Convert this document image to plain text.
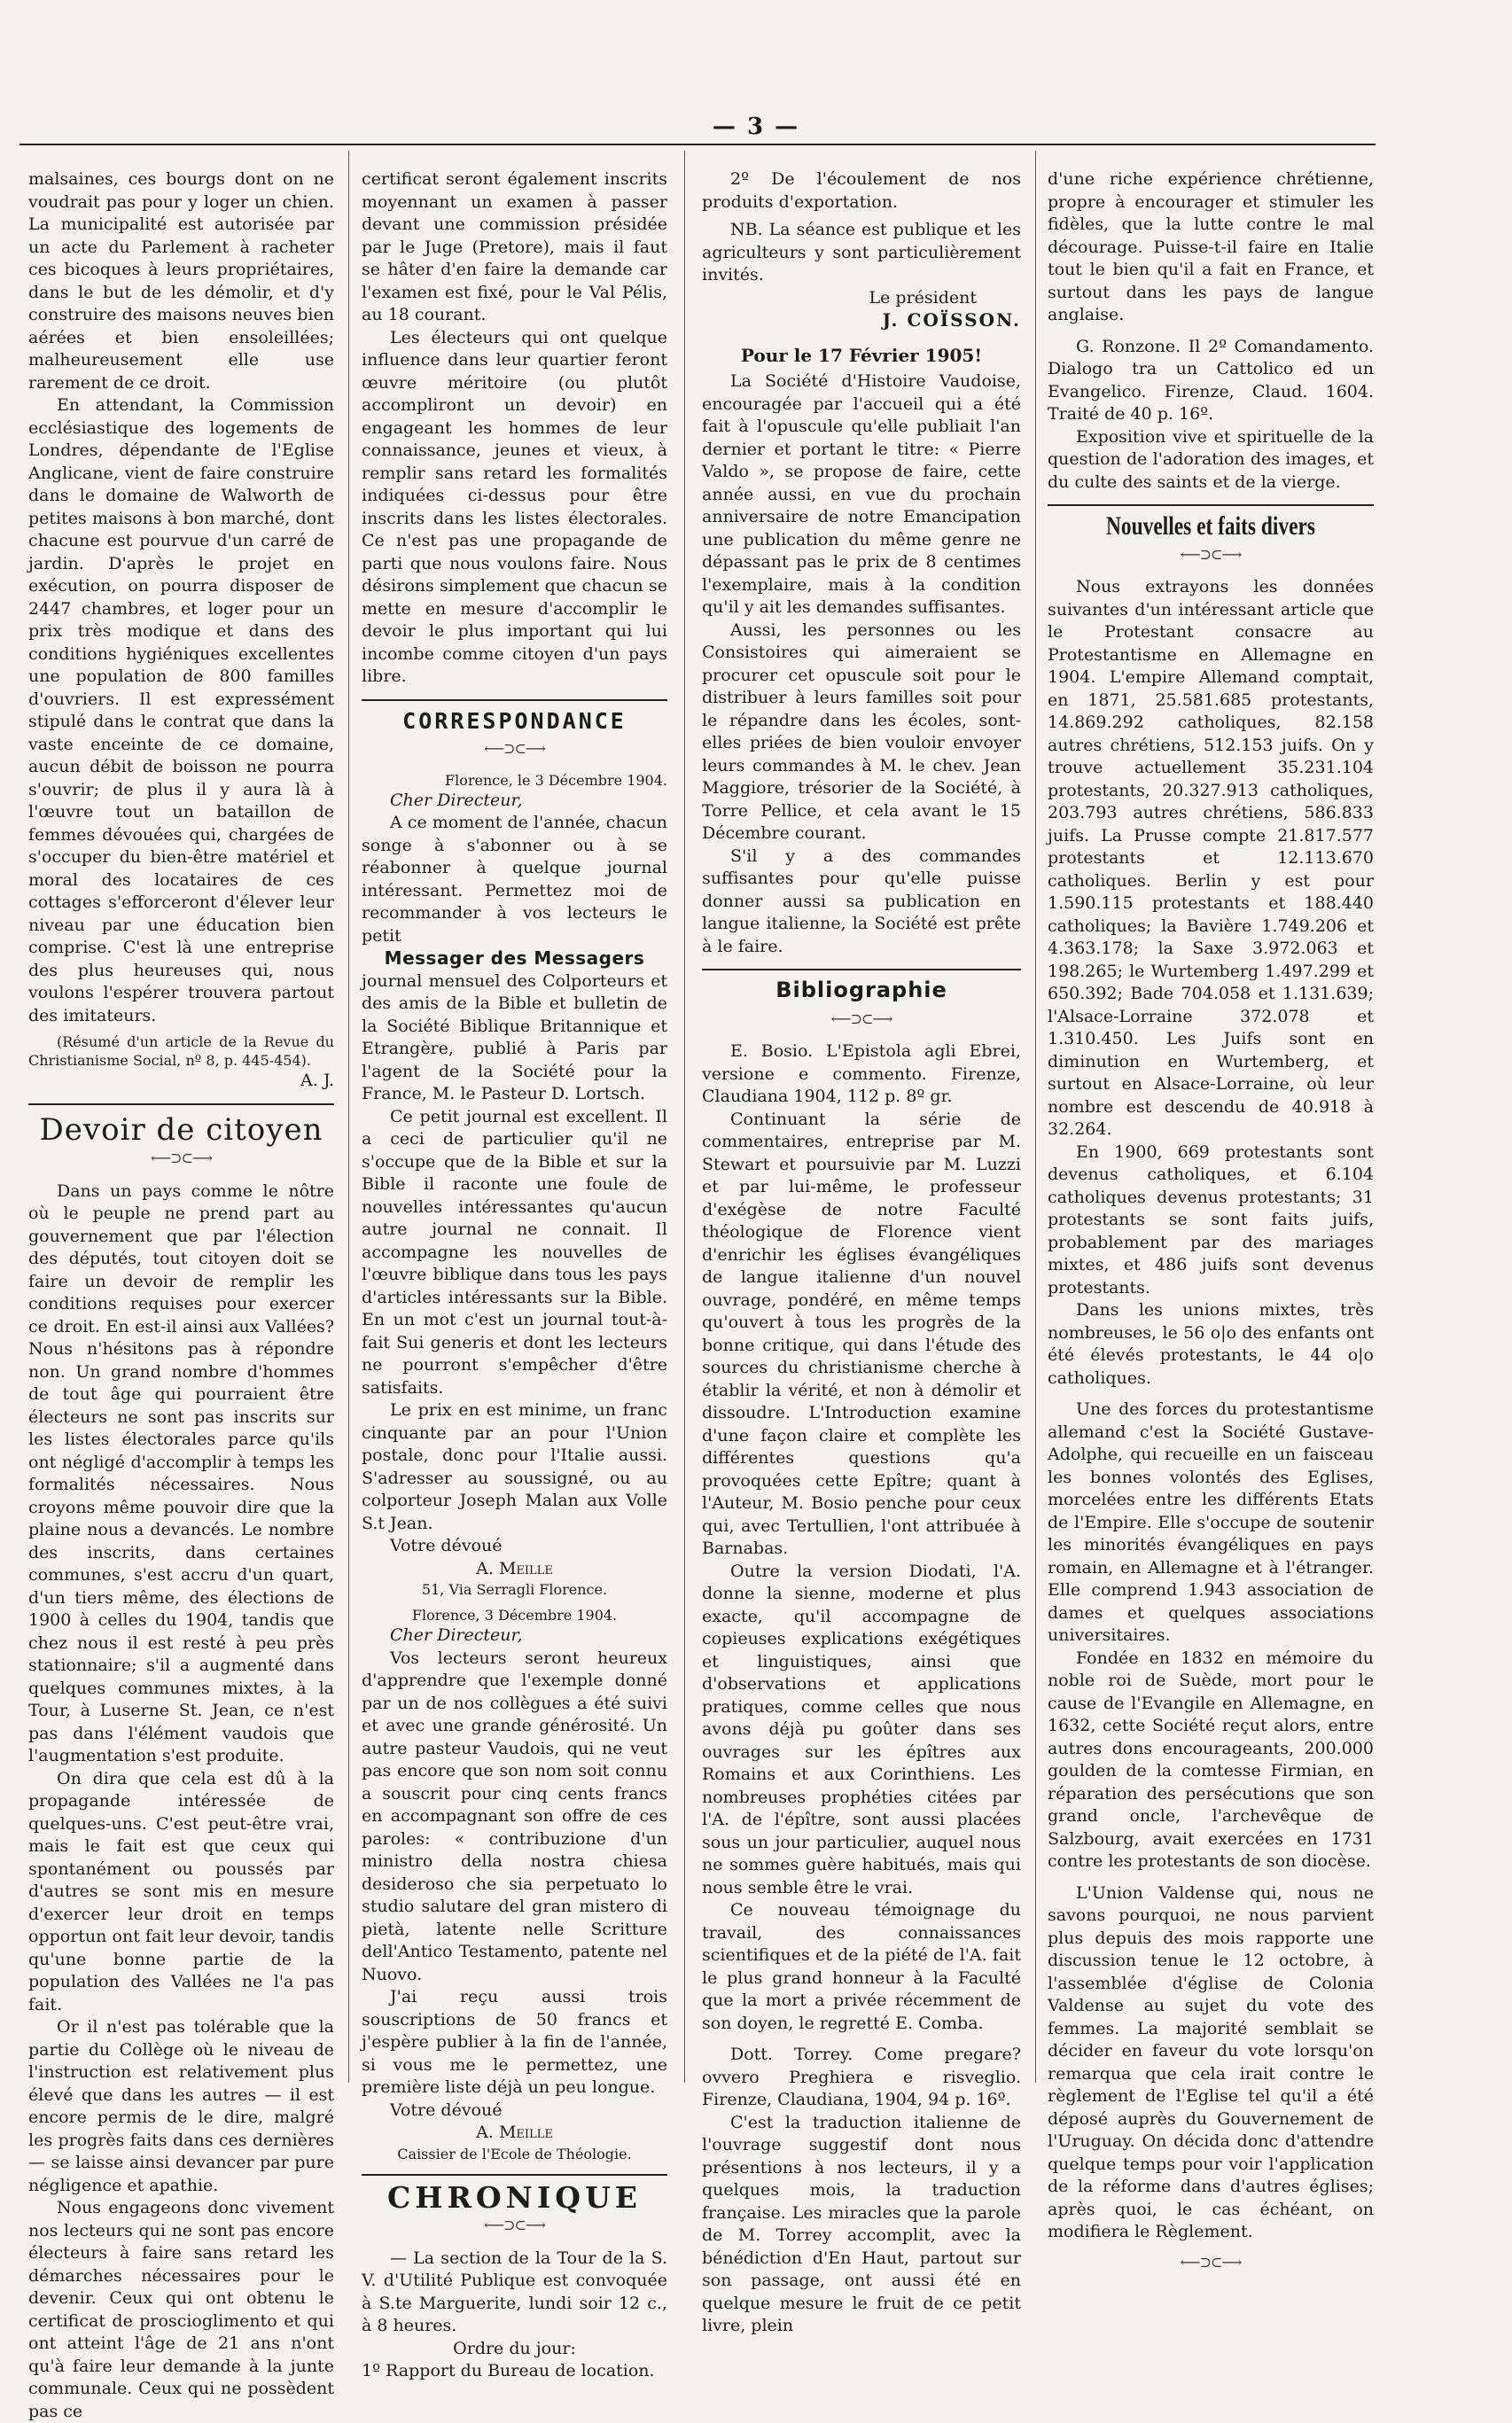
— 3 —

malsaines, ces bourgs dont on ne voudrait pas pour y loger un chien. La municipalité est autorisée par un acte du Parlement à racheter ces bicoques à leurs propriétaires, dans le but de les démolir, et d'y construire des maisons neuves bien aérées et bien ensoleillées; malheureusement elle use rarement de ce droit.

En attendant, la Commission ecclésiastique des logements de Londres, dépendante de l'Eglise Anglicane, vient de faire construire dans le domaine de Walworth de petites maisons à bon marché, dont chacune est pourvue d'un carré de jardin. D'après le projet en exécution, on pourra disposer de 2447 chambres, et loger pour un prix très modique et dans des conditions hygiéniques excellentes une population de 800 familles d'ouvriers. Il est expressément stipulé dans le contrat que dans la vaste enceinte de ce domaine, aucun débit de boisson ne pourra s'ouvrir; de plus il y aura là à l'œuvre tout un bataillon de femmes dévouées qui, chargées de s'occuper du bien-être matériel et moral des locataires de ces cottages s'efforceront d'élever leur niveau par une éducation bien comprise. C'est là une entreprise des plus heureuses qui, nous voulons l'espérer trouvera partout des imitateurs.

(Résumé d'un article de la Revue du Christianisme Social, nº 8, p. 445-454).

A. J.
Devoir de citoyen
⟵⊃⊂⟶

Dans un pays comme le nôtre où le peuple ne prend part au gouvernement que par l'élection des députés, tout citoyen doit se faire un devoir de remplir les conditions requises pour exercer ce droit. En est-il ainsi aux Vallées? Nous n'hésitons pas à répondre non. Un grand nombre d'hommes de tout âge qui pourraient être électeurs ne sont pas inscrits sur les listes électorales parce qu'ils ont négligé d'accomplir à temps les formalités nécessaires. Nous croyons même pouvoir dire que la plaine nous a devancés. Le nombre des inscrits, dans certaines communes, s'est accru d'un quart, d'un tiers même, des élections de 1900 à celles du 1904, tandis que chez nous il est resté à peu près stationnaire; s'il a augmenté dans quelques communes mixtes, à la Tour, à Luserne St. Jean, ce n'est pas dans l'élément vaudois que l'augmentation s'est produite.

On dira que cela est dû à la propagande intéressée de quelques-uns. C'est peut-être vrai, mais le fait est que ceux qui spontanément ou poussés par d'autres se sont mis en mesure d'exercer leur droit en temps opportun ont fait leur devoir, tandis qu'une bonne partie de la population des Vallées ne l'a pas fait.

Or il n'est pas tolérable que la partie du Collège où le niveau de l'instruction est relativement plus élevé que dans les autres — il est encore permis de le dire, malgré les progrès faits dans ces dernières — se laisse ainsi devancer par pure négligence et apathie.

Nous engageons donc vivement nos lecteurs qui ne sont pas encore électeurs à faire sans retard les démarches nécessaires pour le devenir. Ceux qui ont obtenu le certificat de proscioglimento et qui ont atteint l'âge de 21 ans n'ont qu'à faire leur demande à la junte communale. Ceux qui ne possèdent pas ce

certificat seront également inscrits moyennant un examen à passer devant une commission présidée par le Juge (Pretore), mais il faut se hâter d'en faire la demande car l'examen est fixé, pour le Val Pélis, au 18 courant.

Les électeurs qui ont quelque influence dans leur quartier feront œuvre méritoire (ou plutôt accompliront un devoir) en engageant les hommes de leur connaissance, jeunes et vieux, à remplir sans retard les formalités indiquées ci-dessus pour être inscrits dans les listes électorales. Ce n'est pas une propagande de parti que nous voulons faire. Nous désirons simplement que chacun se mette en mesure d'accomplir le devoir le plus important qui lui incombe comme citoyen d'un pays libre.

CORRESPONDANCE
⟵⊃⊂⟶
Florence, le 3 Décembre 1904.

Cher Directeur,

A ce moment de l'année, chacun songe à s'abonner ou à se réabonner à quelque journal intéressant. Permettez moi de recommander à vos lecteurs le petit

Messager des Messagers

journal mensuel des Colporteurs et des amis de la Bible et bulletin de la Société Biblique Britannique et Etrangère, publié à Paris par l'agent de la Société pour la France, M. le Pasteur D. Lortsch.

Ce petit journal est excellent. Il a ceci de particulier qu'il ne s'occupe que de la Bible et sur la Bible il raconte une foule de nouvelles intéressantes qu'aucun autre journal ne connait. Il accompagne les nouvelles de l'œuvre biblique dans tous les pays d'articles intéressants sur la Bible. En un mot c'est un journal tout-à-fait Sui generis et dont les lecteurs ne pourront s'empêcher d'être satisfaits.

Le prix en est minime, un franc cinquante par an pour l'Union postale, donc pour l'Italie aussi. S'adresser au soussigné, ou au colporteur Joseph Malan aux Volle S.t Jean.

Votre dévoué

A. Meille
51, Via Serragli Florence.
Florence, 3 Décembre 1904.

Cher Directeur,

Vos lecteurs seront heureux d'apprendre que l'exemple donné par un de nos collègues a été suivi et avec une grande générosité. Un autre pasteur Vaudois, qui ne veut pas encore que son nom soit connu a souscrit pour cinq cents francs en accompagnant son offre de ces paroles: « contribuzione d'un ministro della nostra chiesa desideroso che sia perpetuato lo studio salutare del gran mistero di pietà, latente nelle Scritture dell'Antico Testamento, patente nel Nuovo.

J'ai reçu aussi trois souscriptions de 50 francs et j'espère publier à la fin de l'année, si vous me le permettez, une première liste déjà un peu longue.

Votre dévoué

A. Meille
Caissier de l'Ecole de Théologie.
CHRONIQUE
⟵⊃⊂⟶

— La section de la Tour de la S. V. d'Utilité Publique est convoquée à S.te Marguerite, lundi soir 12 c., à 8 heures.

Ordre du jour:

1º Rapport du Bureau de location.

2º De l'écoulement de nos produits d'exportation.

NB. La séance est publique et les agriculteurs y sont particulièrement invités.

Le président
J. COÏSSON.
Pour le 17 Février 1905!

La Société d'Histoire Vaudoise, encouragée par l'accueil qui a été fait à l'opuscule qu'elle publiait l'an dernier et portant le titre: « Pierre Valdo », se propose de faire, cette année aussi, en vue du prochain anniversaire de notre Emancipation une publication du même genre ne dépassant pas le prix de 8 centimes l'exemplaire, mais à la condition qu'il y ait les demandes suffisantes.

Aussi, les personnes ou les Consistoires qui aimeraient se procurer cet opuscule soit pour le distribuer à leurs familles soit pour le répandre dans les écoles, sont-elles priées de bien vouloir envoyer leurs commandes à M. le chev. Jean Maggiore, trésorier de la Société, à Torre Pellice, et cela avant le 15 Décembre courant.

S'il y a des commandes suffisantes pour qu'elle puisse donner aussi sa publication en langue italienne, la Société est prête à le faire.

Bibliographie
⟵⊃⊂⟶

E. Bosio. L'Epistola agli Ebrei, versione e commento. Firenze, Claudiana 1904, 112 p. 8º gr.

Continuant la série de commentaires, entreprise par M. Stewart et poursuivie par M. Luzzi et par lui-même, le professeur d'exégèse de notre Faculté théologique de Florence vient d'enrichir les églises évangéliques de langue italienne d'un nouvel ouvrage, pondéré, en même temps qu'ouvert à tous les progrès de la bonne critique, qui dans l'étude des sources du christianisme cherche à établir la vérité, et non à démolir et dissoudre. L'Introduction examine d'une façon claire et complète les différentes questions qu'a provoquées cette Epître; quant à l'Auteur, M. Bosio penche pour ceux qui, avec Tertullien, l'ont attribuée à Barnabas.

Outre la version Diodati, l'A. donne la sienne, moderne et plus exacte, qu'il accompagne de copieuses explications exégétiques et linguistiques, ainsi que d'observations et applications pratiques, comme celles que nous avons déjà pu goûter dans ses ouvrages sur les épîtres aux Romains et aux Corinthiens. Les nombreuses prophéties citées par l'A. de l'épître, sont aussi placées sous un jour particulier, auquel nous ne sommes guère habitués, mais qui nous semble être le vrai.

Ce nouveau témoignage du travail, des connaissances scientifiques et de la piété de l'A. fait le plus grand honneur à la Faculté que la mort a privée récemment de son doyen, le regretté E. Comba.

Dott. Torrey. Come pregare? ovvero Preghiera e risveglio. Firenze, Claudiana, 1904, 94 p. 16º.

C'est la traduction italienne de l'ouvrage suggestif dont nous présentions à nos lecteurs, il y a quelques mois, la traduction française. Les miracles que la parole de M. Torrey accomplit, avec la bénédiction d'En Haut, partout sur son passage, ont aussi été en quelque mesure le fruit de ce petit livre, plein

d'une riche expérience chrétienne, propre à encourager et stimuler les fidèles, que la lutte contre le mal décourage. Puisse-t-il faire en Italie tout le bien qu'il a fait en France, et surtout dans les pays de langue anglaise.

G. Ronzone. Il 2º Comandamento. Dialogo tra un Cattolico ed un Evangelico. Firenze, Claud. 1604. Traité de 40 p. 16º.

Exposition vive et spirituelle de la question de l'adoration des images, et du culte des saints et de la vierge.

Nouvelles et faits divers
⟵⊃⊂⟶

Nous extrayons les données suivantes d'un intéressant article que le Protestant consacre au Protestantisme en Allemagne en 1904. L'empire Allemand comptait, en 1871, 25.581.685 protestants, 14.869.292 catholiques, 82.158 autres chrétiens, 512.153 juifs. On y trouve actuellement 35.231.104 protestants, 20.327.913 catholiques, 203.793 autres chrétiens, 586.833 juifs. La Prusse compte 21.817.577 protestants et 12.113.670 catholiques. Berlin y est pour 1.590.115 protestants et 188.440 catholiques; la Bavière 1.749.206 et 4.363.178; la Saxe 3.972.063 et 198.265; le Wurtemberg 1.497.299 et 650.392; Bade 704.058 et 1.131.639; l'Alsace-Lorraine 372.078 et 1.310.450. Les Juifs sont en diminution en Wurtemberg, et surtout en Alsace-Lorraine, où leur nombre est descendu de 40.918 à 32.264.

En 1900, 669 protestants sont devenus catholiques, et 6.104 catholiques devenus protestants; 31 protestants se sont faits juifs, probablement par des mariages mixtes, et 486 juifs sont devenus protestants.

Dans les unions mixtes, très nombreuses, le 56 o|o des enfants ont été élevés protestants, le 44 o|o catholiques.

Une des forces du protestantisme allemand c'est la Société Gustave-Adolphe, qui recueille en un faisceau les bonnes volontés des Eglises, morcelées entre les différents Etats de l'Empire. Elle s'occupe de soutenir les minorités évangéliques en pays romain, en Allemagne et à l'étranger. Elle comprend 1.943 association de dames et quelques associations universitaires.

Fondée en 1832 en mémoire du noble roi de Suède, mort pour le cause de l'Evangile en Allemagne, en 1632, cette Société reçut alors, entre autres dons encourageants, 200.000 goulden de la comtesse Firmian, en réparation des persécutions que son grand oncle, l'archevêque de Salzbourg, avait exercées en 1731 contre les protestants de son diocèse.

L'Union Valdense qui, nous ne savons pourquoi, ne nous parvient plus depuis des mois rapporte une discussion tenue le 12 octobre, à l'assemblée d'église de Colonia Valdense au sujet du vote des femmes. La majorité semblait se décider en faveur du vote lorsqu'on remarqua que cela irait contre le règlement de l'Eglise tel qu'il a été déposé auprès du Gouvernement de l'Uruguay. On décida donc d'attendre quelque temps pour voir l'application de la réforme dans d'autres églises; après quoi, le cas échéant, on modifiera le Règlement.

⟵⊃⊂⟶
